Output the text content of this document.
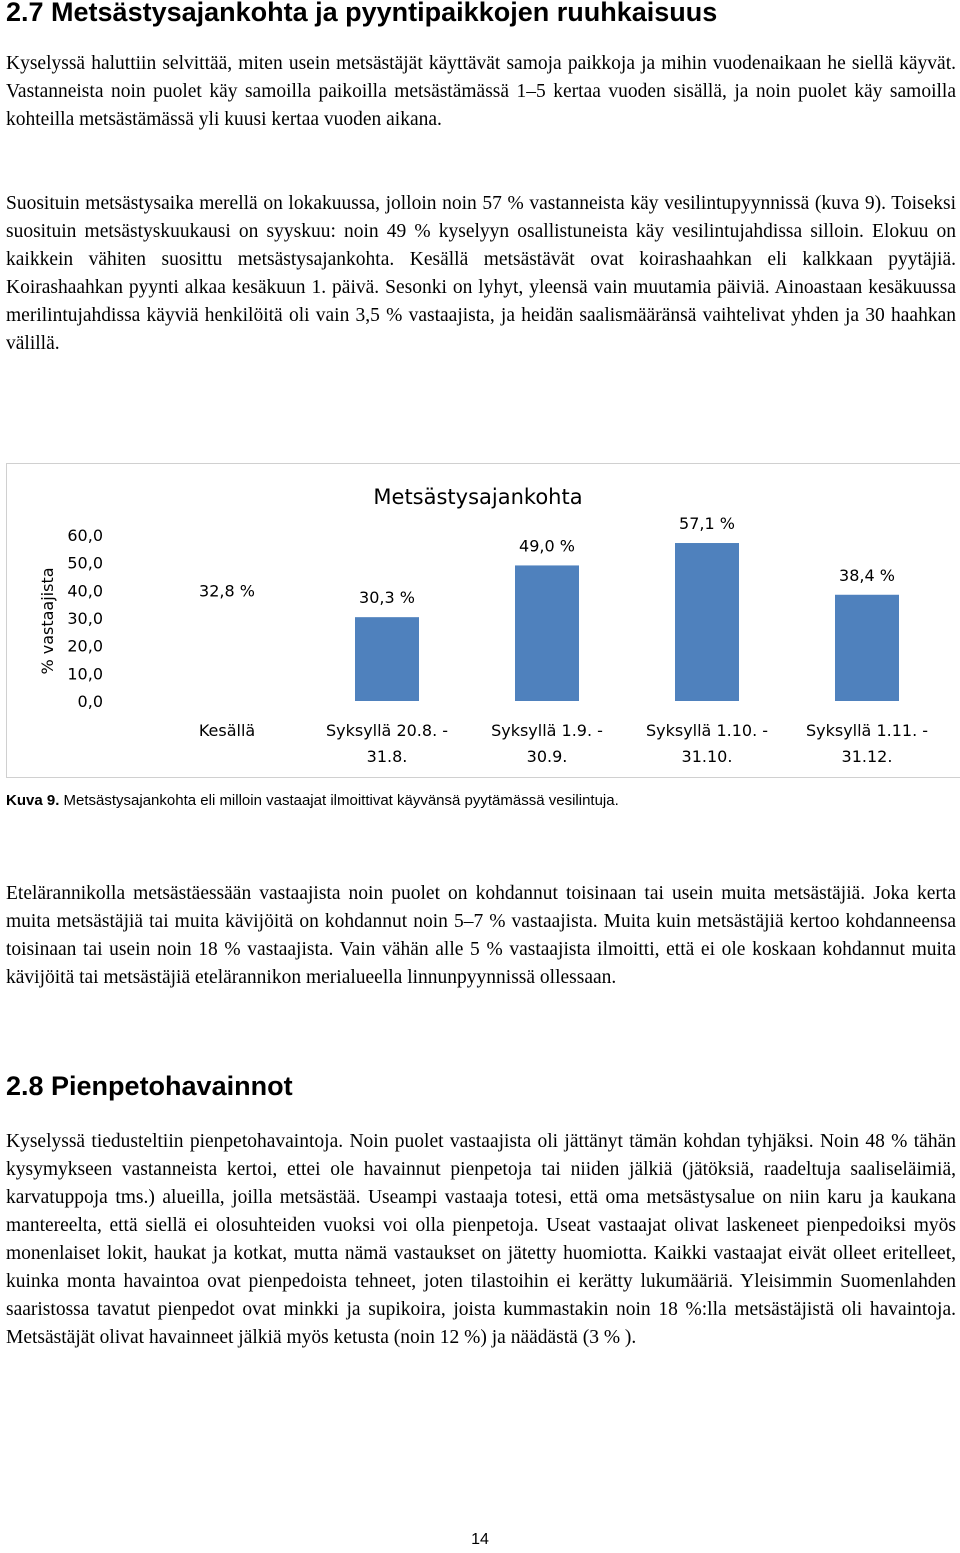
2.7 Metsästysajankohta ja pyyntipaikkojen ruuhkaisuus

Kyselyssä haluttiin selvittää, miten usein metsästäjät käyttävät samoja paikkoja ja mihin vuodenaikaan he siellä käyvät. Vastanneista noin puolet käy samoilla paikoilla metsästämässä 1–5 kertaa vuoden sisällä, ja noin puolet käy samoilla kohteilla metsästämässä yli kuusi kertaa vuoden aikana.

Suosituin metsästysaika merellä on lokakuussa, jolloin noin 57 % vastanneista käy vesilintupyynnissä (kuva 9). Toiseksi suosituin metsästyskuukausi on syyskuu: noin 49 % kyselyyn osallistuneista käy vesilintujahdissa silloin. Elokuu on kaikkein vähiten suosittu metsästysajankohta. Kesällä metsästävät ovat koirashaahkan eli kalkkaan pyytäjiä. Koirashaahkan pyynti alkaa kesäkuun 1. päivä. Sesonki on lyhyt, yleensä vain muutamia päiviä. Ainoastaan kesäkuussa merilintujahdissa käyviä henkilöitä oli vain 3,5 % vastaajista, ja heidän saalismääränsä vaihtelivat yhden ja 30 haahkan välillä.

Metsästysajankohta
% vastaajista
60,0
50,0
40,0
30,0
20,0
10,0
0,0
32,8 %	30,3 %
49,0 %
57,1 %
38,4 %
Kesällä	Syksyllä 20.8. -
31.8.
Syksyllä 1.9. -
30.9.
Syksyllä 1.10. -
31.10.
Syksyllä 1.11. -
31.12.

Kuva 9. Metsästysajankohta eli milloin vastaajat ilmoittivat käyvänsä pyytämässä vesilintuja.

Etelärannikolla metsästäessään vastaajista noin puolet on kohdannut toisinaan tai usein muita metsästäjiä. Joka kerta muita metsästäjiä tai muita kävijöitä on kohdannut noin 5–7 % vastaajista. Muita kuin metsästäjiä kertoo kohdanneensa toisinaan tai usein noin 18 % vastaajista. Vain vähän alle 5 % vastaajista ilmoitti, että ei ole koskaan kohdannut muita kävijöitä tai metsästäjiä etelärannikon merialueella linnunpyynnissä ollessaan.

2.8 Pienpetohavainnot

Kyselyssä tiedusteltiin pienpetohavaintoja. Noin puolet vastaajista oli jättänyt tämän kohdan tyhjäksi. Noin 48 % tähän kysymykseen vastanneista kertoi, ettei ole havainnut pienpetoja tai niiden jälkiä (jätöksiä, raadeltuja saaliseläimiä, karvatuppoja tms.) alueilla, joilla metsästää. Useampi vastaaja totesi, että oma metsästysalue on niin karu ja kaukana mantereelta, että siellä ei olosuhteiden vuoksi voi olla pienpetoja. Useat vastaajat olivat laskeneet pienpedoiksi myös monenlaiset lokit, haukat ja kotkat, mutta nämä vastaukset on jätetty huomiotta. Kaikki vastaajat eivät olleet eritelleet, kuinka monta havaintoa ovat pienpedoista tehneet, joten tilastoihin ei kerätty lukumääriä. Yleisimmin Suomenlahden saaristossa tavatut pienpedot ovat minkki ja supikoira, joista kummastakin noin 18 %:lla metsästäjistä oli havaintoja. Metsästäjät olivat havainneet jälkiä myös ketusta (noin 12 %) ja näädästä (3 % ).

14
